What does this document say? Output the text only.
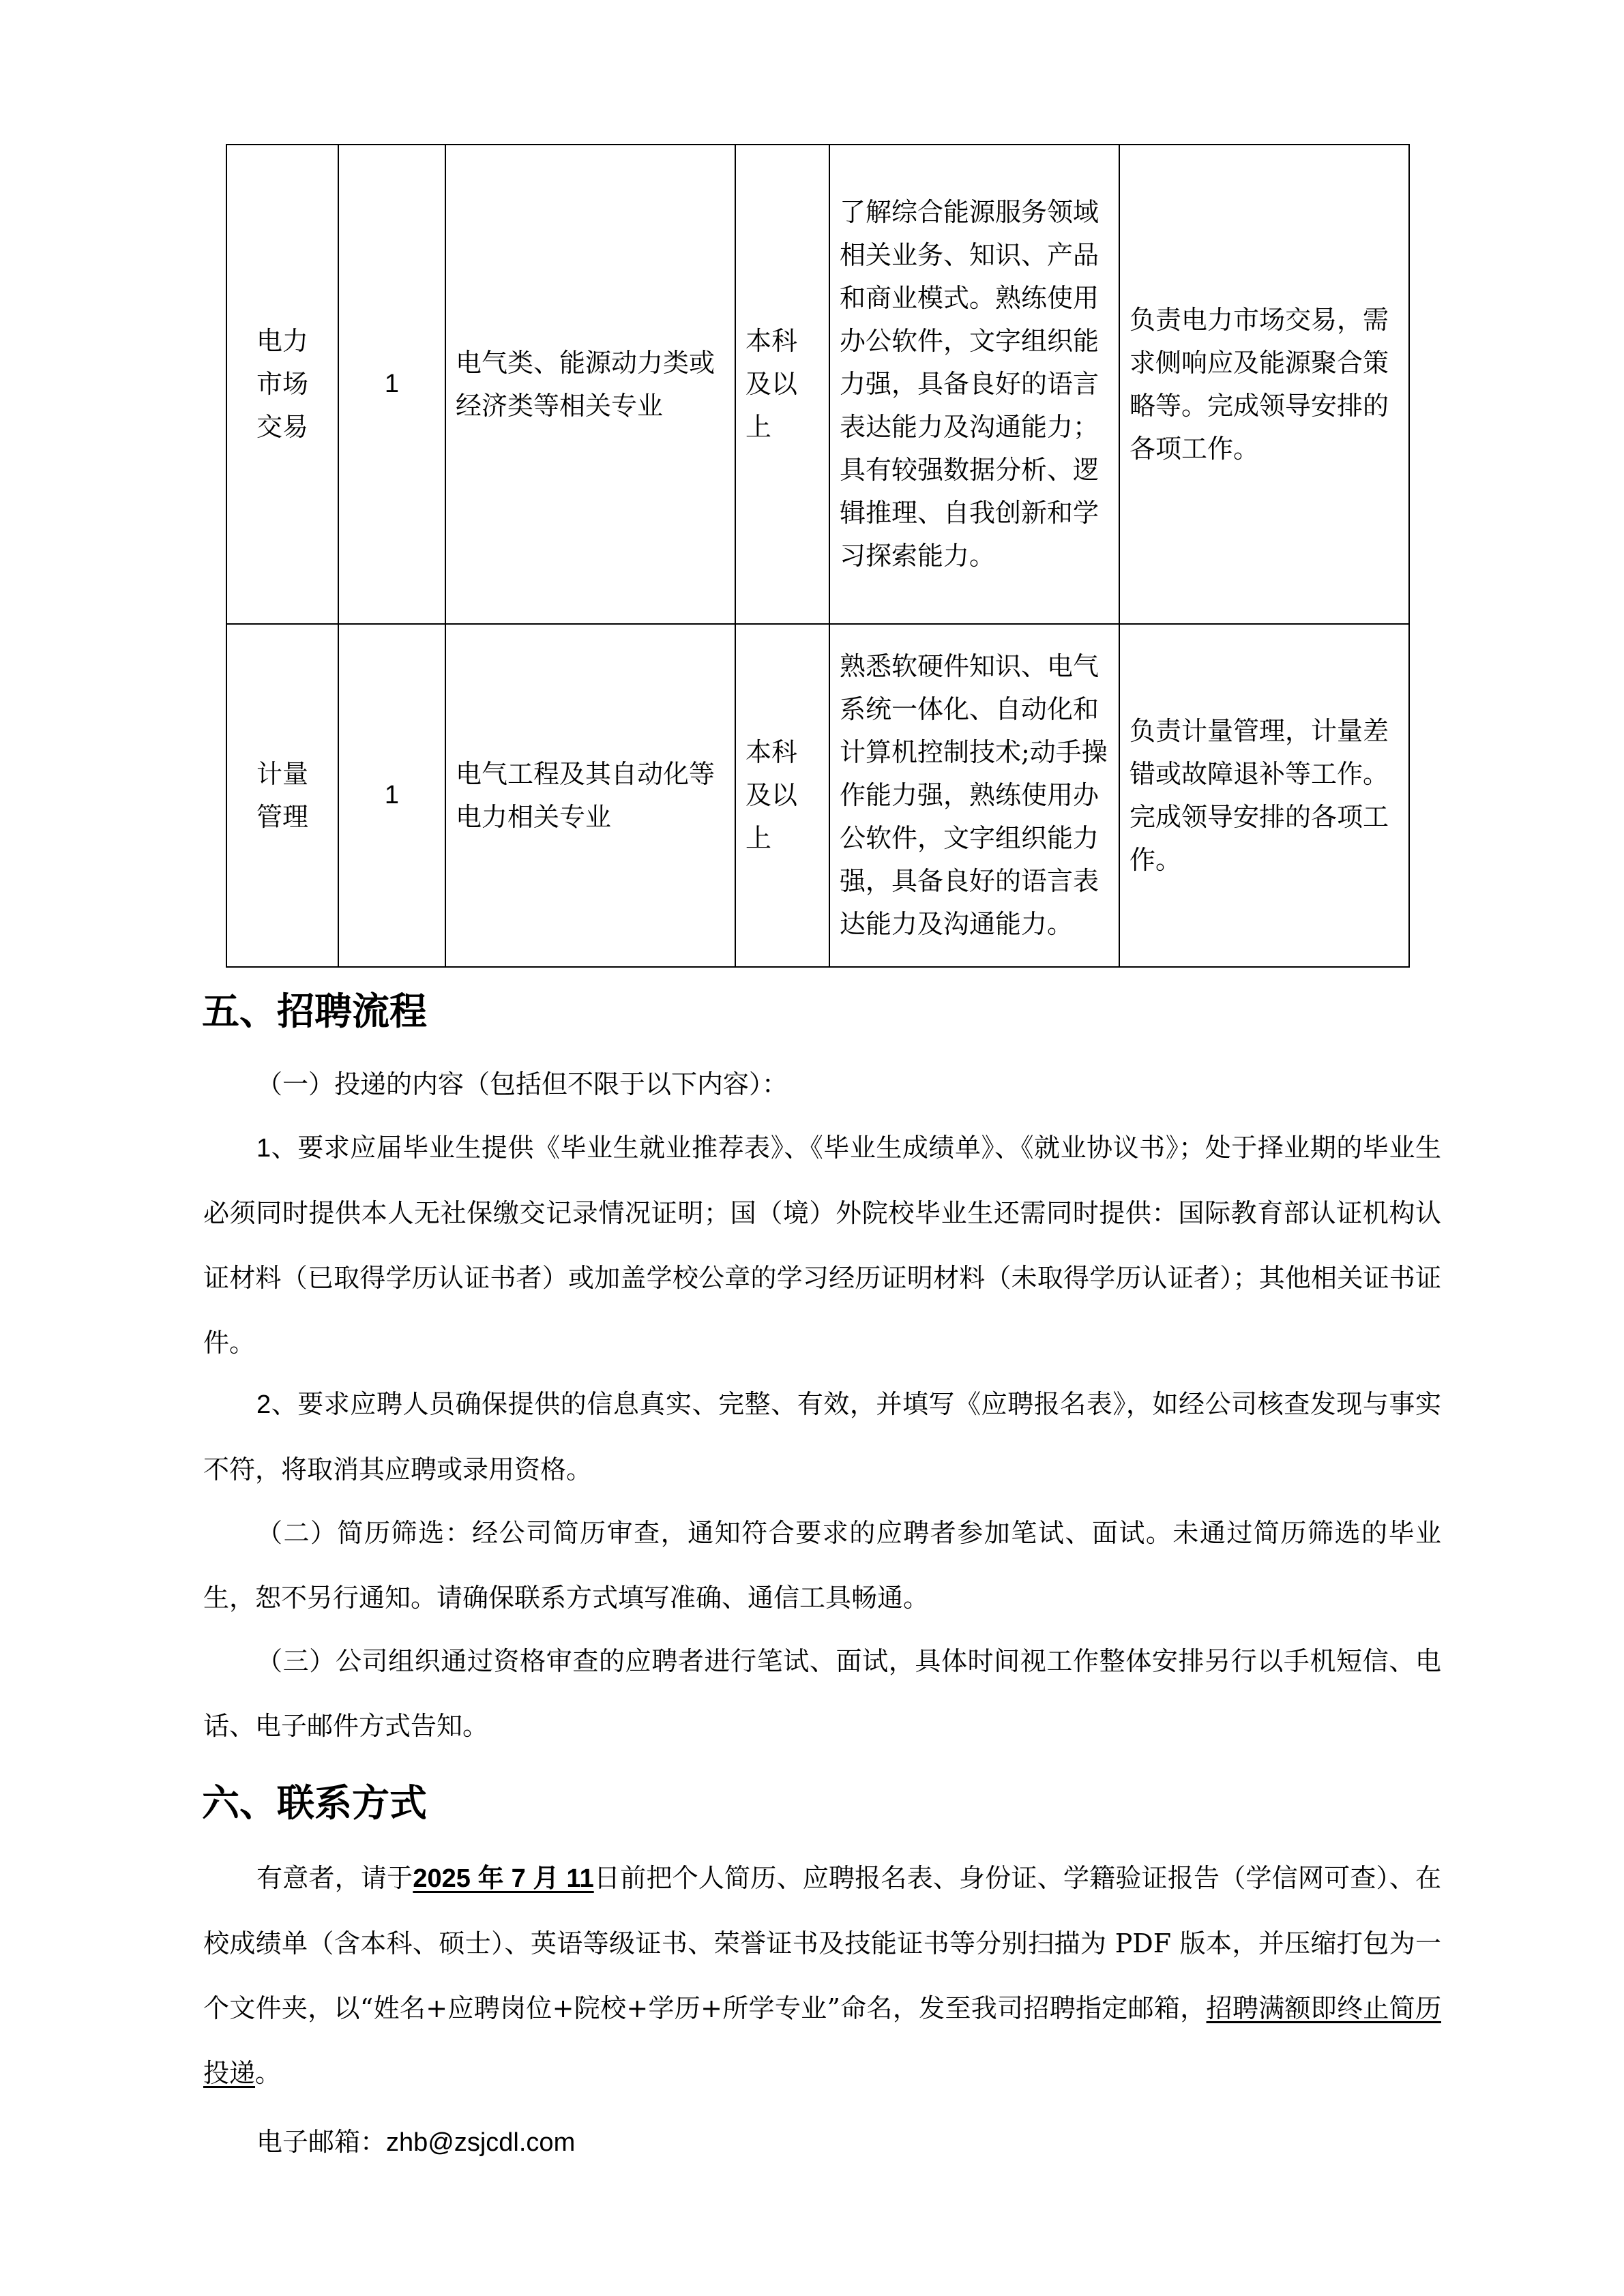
电力市场交易	1	电气类、能源动力类或经济类等相关专业	本科及以上	了解综合能源服务领域相关业务、知识、产品和商业模式。熟练使用办公软件，文字组织能力强，具备良好的语言表达能力及沟通能力；具有较强数据分析、逻辑推理、自我创新和学习探索能力。	负责电力市场交易，需求侧响应及能源聚合策略等。完成领导安排的各项工作。

计量管理	1	电气工程及其自动化等电力相关专业	本科及以上	熟悉软硬件知识、电气系统一体化、自动化和计算机控制技术;动手操作能力强，熟练使用办公软件，文字组织能力强，具备良好的语言表达能力及沟通能力。	负责计量管理，计量差错或故障退补等工作。完成领导安排的各项工作。
五、招聘流程

（一）投递的内容（包括但不限于以下内容）：

1、要求应届毕业生提供《毕业生就业推荐表》、《毕业生成绩单》、《就业协议书》；处于择业期的毕业生必须同时提供本人无社保缴交记录情况证明；国（境）外院校毕业生还需同时提供：国际教育部认证机构认证材料（已取得学历认证书者）或加盖学校公章的学习经历证明材料（未取得学历认证者）；其他相关证书证件。

2、要求应聘人员确保提供的信息真实、完整、有效，并填写《应聘报名表》，如经公司核查发现与事实不符，将取消其应聘或录用资格。

（二）简历筛选：经公司简历审查，通知符合要求的应聘者参加笔试、面试。未通过简历筛选的毕业生，恕不另行通知。请确保联系方式填写准确、通信工具畅通。

（三）公司组织通过资格审查的应聘者进行笔试、面试，具体时间视工作整体安排另行以手机短信、电话、电子邮件方式告知。

六、联系方式

有意者，请于2025 年 7 月 11日前把个人简历、应聘报名表、身份证、学籍验证报告（学信网可查）、在校成绩单（含本科、硕士）、英语等级证书、荣誉证书及技能证书等分别扫描为 PDF 版本，并压缩打包为一个文件夹，以“姓名+应聘岗位+院校+学历+所学专业”命名，发至我司招聘指定邮箱，招聘满额即终止简历投递。

电子邮箱：zhb@zsjcdl.com
